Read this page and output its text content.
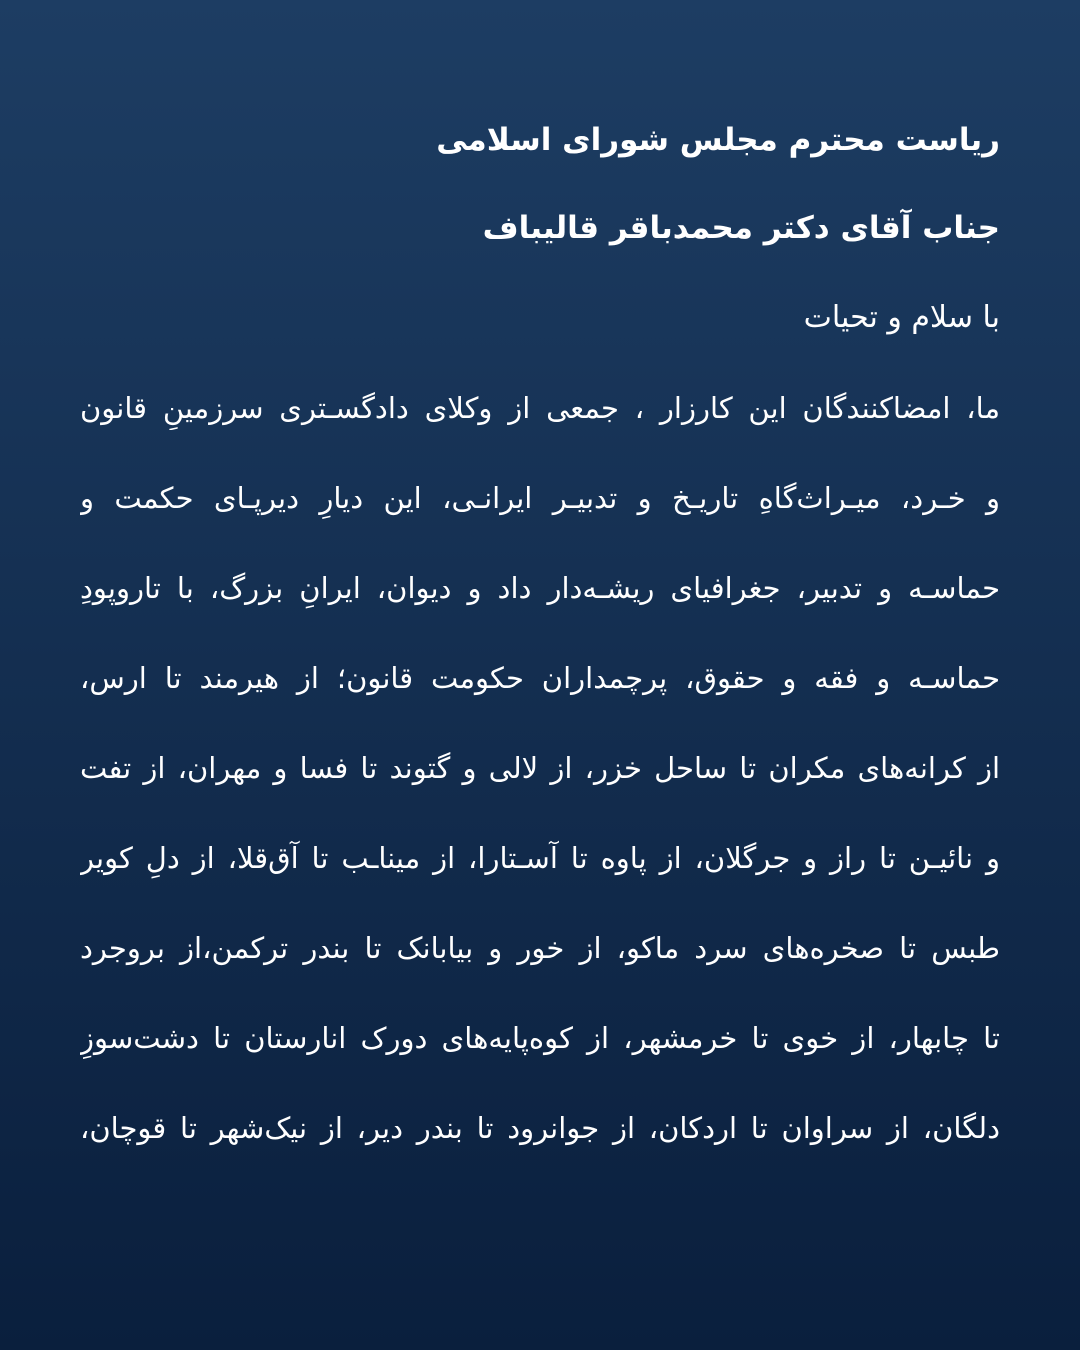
ریاست محترم مجلس شورای اسلامی

جناب آقای دکتر محمدباقر قالیباف

با سلام و تحیات

ما، امضاکنندگان این کارزار ، جمعی از وکلای دادگسـتری سرزمینِ قانون

و خـرد، میـراث‌گاهِ تاریـخ و تدبیـر ایرانـی، این دیارِ دیرپـای حکمت و

حماسـه و تدبیر، جغرافیای ریشـه‌دار داد و دیوان، ایرانِ بزرگ، با تاروپودِ

حماسـه و فقه و حقوق، پرچمداران حکومت قانون؛ از هیرمند تا ارس،

از کرانه‌های مکران تا ساحل خزر، از لالی و گتوند تا فسا و مهران، از تفت

و نائیـن تا راز و جرگلان، از پاوه تا آسـتارا، از میناـب تا آق‌قلا، از دلِ کویر

طبس تا صخره‌های سرد ماکو، از خور و بیابانک تا بندر ترکمن،از بروجرد

تا چابهار، از خوی تا خرمشهر، از کوه‌پایه‌های دورک انارستان تا دشت‌سوزِ

دلگان، از سراوان تا اردکان، از جوانرود تا بندر دیر، از نیک‌شهر تا قوچان،
